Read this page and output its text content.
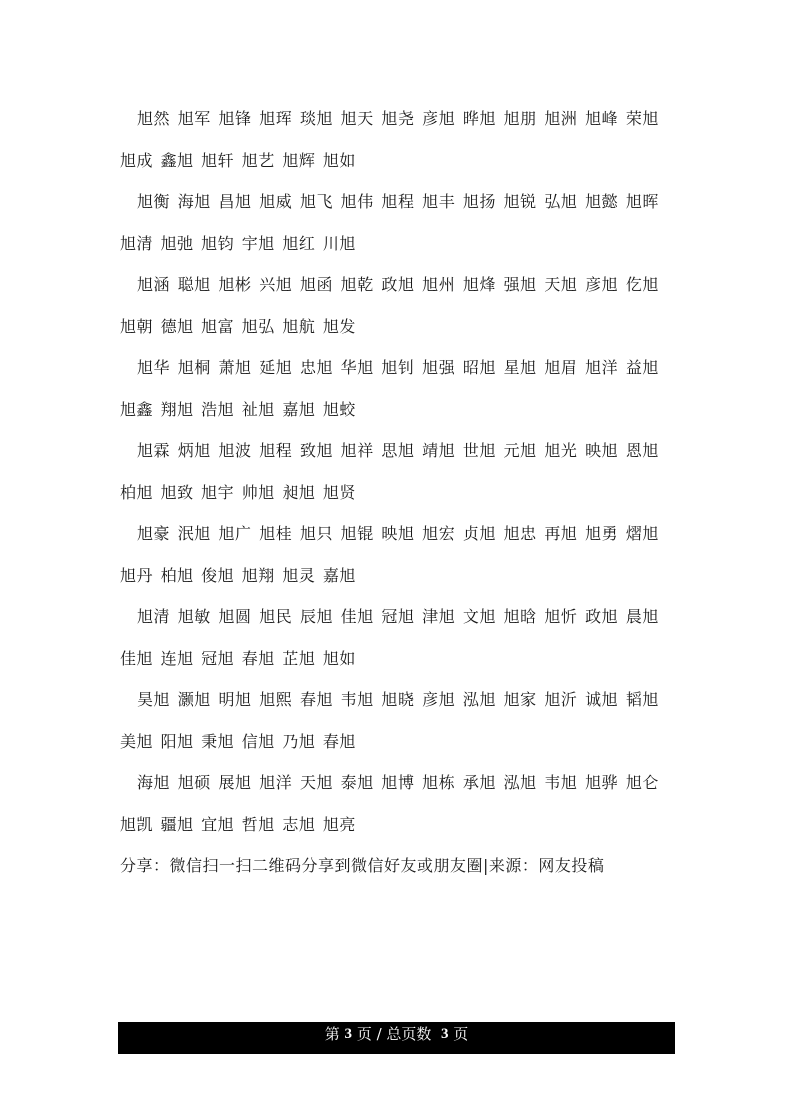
旭然 旭军 旭锋 旭珲 琰旭 旭天 旭尧 彦旭 晔旭 旭朋 旭洲 旭峰 荣旭
旭成 鑫旭 旭轩 旭艺 旭辉 旭如
旭衡 海旭 昌旭 旭威 旭飞 旭伟 旭程 旭丰 旭扬 旭锐 弘旭 旭懿 旭晖
旭清 旭弛 旭钧 宇旭 旭红 川旭
旭涵 聪旭 旭彬 兴旭 旭函 旭乾 政旭 旭州 旭烽 强旭 天旭 彦旭 仡旭
旭朝 德旭 旭富 旭弘 旭航 旭发
旭华 旭桐 萧旭 延旭 忠旭 华旭 旭钊 旭强 昭旭 星旭 旭眉 旭洋 益旭
旭鑫 翔旭 浩旭 祉旭 嘉旭 旭蛟
旭霖 炳旭 旭波 旭程 致旭 旭祥 思旭 靖旭 世旭 元旭 旭光 映旭 恩旭
柏旭 旭致 旭宇 帅旭 昶旭 旭贤
旭豪 泯旭 旭广 旭桂 旭只 旭锟 映旭 旭宏 贞旭 旭忠 再旭 旭勇 熠旭
旭丹 柏旭 俊旭 旭翔 旭灵 嘉旭
旭清 旭敏 旭圆 旭民 辰旭 佳旭 冠旭 津旭 文旭 旭晗 旭忻 政旭 晨旭
佳旭 连旭 冠旭 春旭 芷旭 旭如
昊旭 灏旭 明旭 旭熙 春旭 韦旭 旭晓 彦旭 泓旭 旭家 旭沂 诚旭 韬旭
美旭 阳旭 秉旭 信旭 乃旭 春旭
海旭 旭硕 展旭 旭洋 天旭 泰旭 旭博 旭栋 承旭 泓旭 韦旭 旭骅 旭仑
旭凯 疆旭 宜旭 哲旭 志旭 旭亮
分享：微信扫一扫二维码分享到微信好友或朋友圈|来源：网友投稿
第 3 页 / 总页数 3 页
